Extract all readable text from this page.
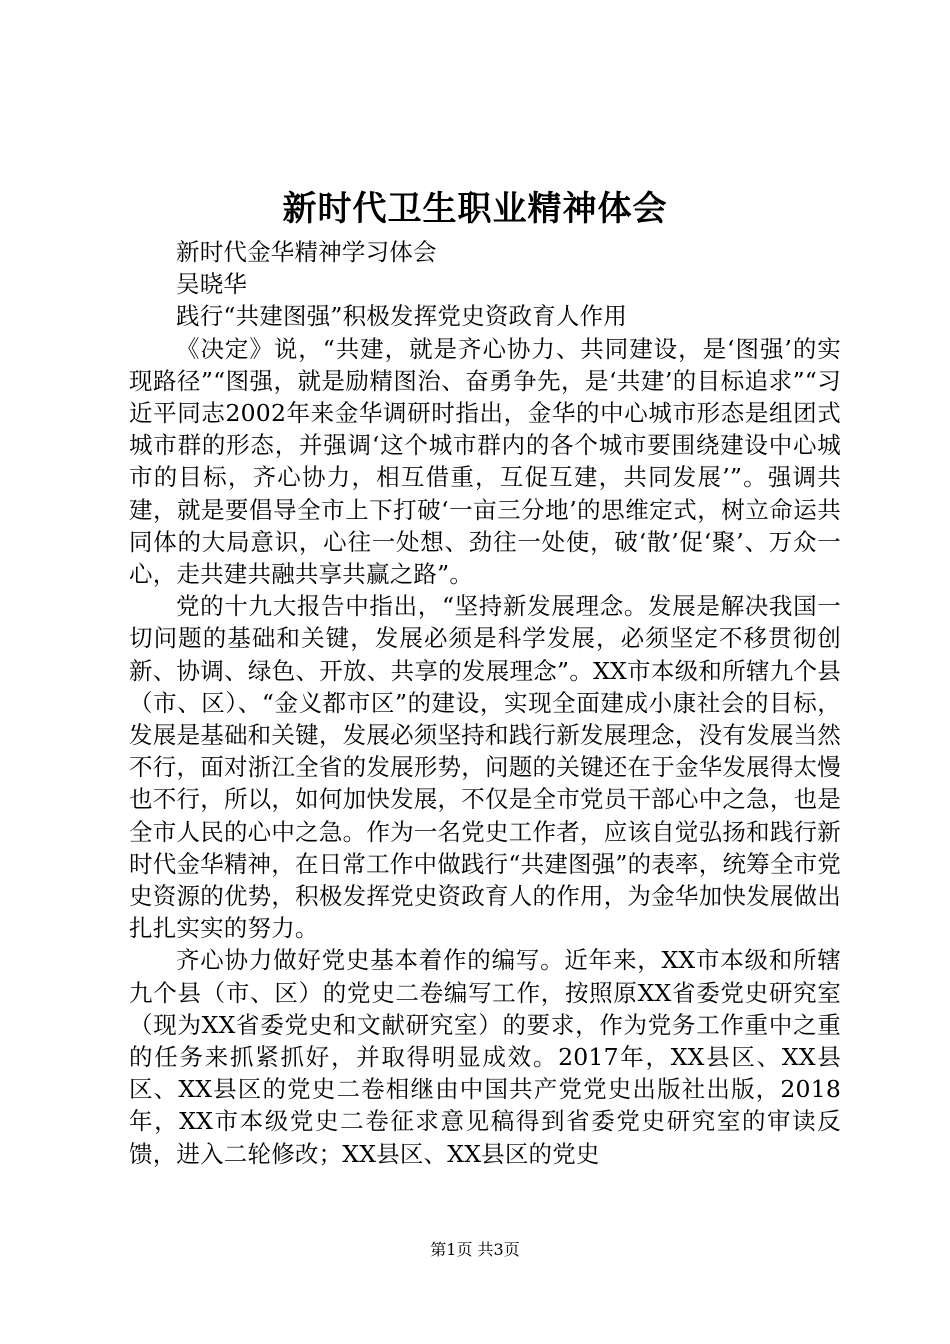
新时代卫生职业精神体会

新时代金华精神学习体会

吴晓华

践行“共建图强”积极发挥党史资政育人作用

《决定》说，“共建，就是齐心协力、共同建设，是‘图强’的实现路径”“图强，就是励精图治、奋勇争先，是‘共建’的目标追求”“习近平同志2002年来金华调研时指出，金华的中心城市形态是组团式城市群的形态，并强调‘这个城市群内的各个城市要围绕建设中心城市的目标，齐心协力，相互借重，互促互建，共同发展’”。强调共建，就是要倡导全市上下打破‘一亩三分地’的思维定式，树立命运共同体的大局意识，心往一处想、劲往一处使，破‘散’促‘聚’、万众一心，走共建共融共享共赢之路”。

党的十九大报告中指出，“坚持新发展理念。发展是解决我国一切问题的基础和关键，发展必须是科学发展，必须坚定不移贯彻创新、协调、绿色、开放、共享的发展理念”。XX市本级和所辖九个县（市、区）、“金义都市区”的建设，实现全面建成小康社会的目标，发展是基础和关键，发展必须坚持和践行新发展理念，没有发展当然不行，面对浙江全省的发展形势，问题的关键还在于金华发展得太慢也不行，所以，如何加快发展，不仅是全市党员干部心中之急，也是全市人民的心中之急。作为一名党史工作者，应该自觉弘扬和践行新时代金华精神，在日常工作中做践行“共建图强”的表率，统筹全市党史资源的优势，积极发挥党史资政育人的作用，为金华加快发展做出扎扎实实的努力。

齐心协力做好党史基本着作的编写。近年来，XX市本级和所辖九个县（市、区）的党史二卷编写工作，按照原XX省委党史研究室（现为XX省委党史和文献研究室）的要求，作为党务工作重中之重的任务来抓紧抓好，并取得明显成效。2017年，XX县区、XX县区、XX县区的党史二卷相继由中国共产党党史出版社出版，2018年，XX市本级党史二卷征求意见稿得到省委党史研究室的审读反馈，进入二轮修改；XX县区、XX县区的党史

第1页 共3页
